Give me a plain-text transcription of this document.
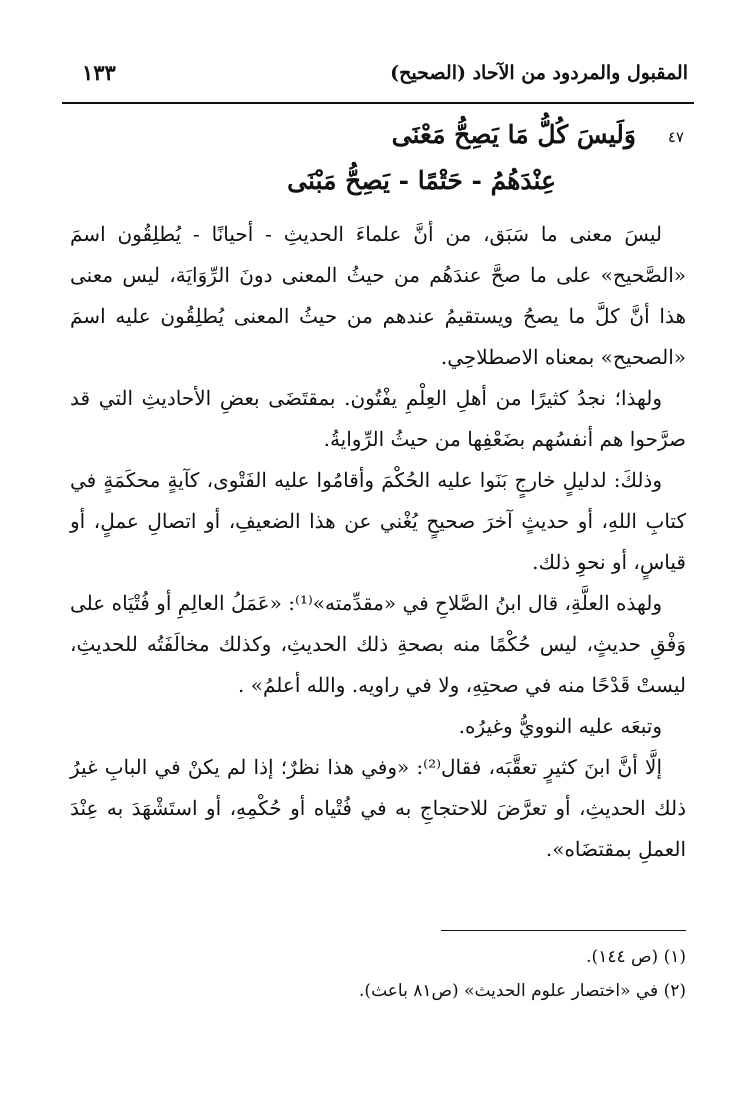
المقبول والمردود من الآحاد (الصحيح)
١٣٣
٤٧
وَلَيسَ كُلُّ مَا يَصِحُّ مَعْنَى
عِنْدَهُمُ - حَتْمًا - يَصِحُّ مَبْنَى

ليسَ معنى ما سَبَق، من أنَّ علماءَ الحديثِ - أحيانًا - يُطلِقُون اسمَ «الصَّحيح» على ما صحَّ عندَهُم من حيثُ المعنى دونَ الرِّوَايَة، ليس معنى هذا أنَّ كلَّ ما يصحُ ويستقيمُ عندهم من حيثُ المعنى يُطلِقُون عليه اسمَ «الصحيح» بمعناه الاصطلاحِي.

ولهذا؛ نجدُ كثيرًا من أهلِ العِلْمِ يفْتُون. بمقتَضَى بعضِ الأحاديثِ التي قد صرَّحوا هم أنفسُهم بضَعْفِها من حيثُ الرِّوايةُ.

وذلكَ: لدليلٍ خارجٍ بَنَوا عليه الحُكْمَ وأقامُوا عليه الفَتْوى، كآيةٍ محكَمَةٍ في كتابِ اللهِ، أو حديثٍ آخرَ صحيحٍ يُغْني عن هذا الضعيفِ، أو اتصالِ عملٍ، أو قياسٍ، أو نحوِ ذلك.

ولهذه العلَّةِ، قال ابنُ الصَّلاحِ في «مقدِّمته»⁽¹⁾: «عَمَلُ العالِمِ أو فُتْيَاه على وَفْقِ حديثٍ، ليس حُكْمًا منه بصحةِ ذلك الحديثِ، وكذلك مخالَفَتُه للحديثِ، ليستْ قَدْحًا منه في صحتِهِ، ولا في راويه. والله أعلمُ» .

وتبعَه عليه النوويُّ وغيرُه.

إلَّا أنَّ ابنَ كثيرٍ تعقَّبَه، فقال⁽²⁾: «وفي هذا نظرٌ؛ إذا لم يكنْ في البابِ غيرُ ذلك الحديثِ، أو تعرَّضَ للاحتجاجِ به في فُتْياه أو حُكْمِهِ، أو استَشْهَدَ به عِنْدَ العملِ بمقتضَاه».

(١) (ص ١٤٤).

(٢) في «اختصار علوم الحديث» (ص٨١ باعث).
